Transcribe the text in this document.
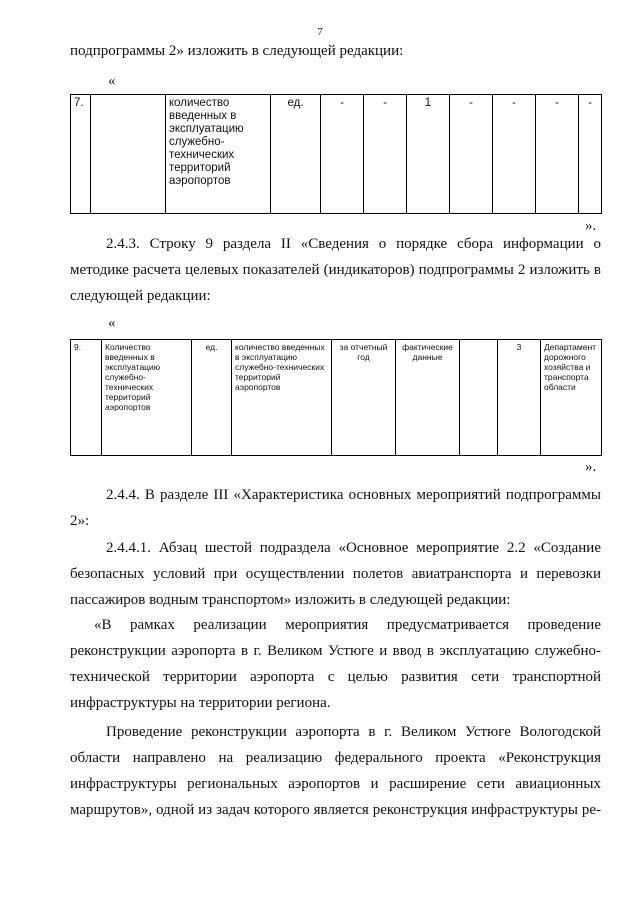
7
подпрограммы 2» изложить в следующей редакции:
«
7.		количество введенных в эксплуатацию служебно-технических территорий аэропортов	ед.	-	-	1	-	-	-	-
».
2.4.3. Строку 9 раздела II «Сведения о порядке сбора информации о методике расчета целевых показателей (индикаторов) подпрограммы 2 изложить в следующей редакции:
«
9.	Количество введенных в эксплуатацию служебно-технических территорий аэропортов	ед.	количество введенных в эксплуатацию служебно-технических территорий аэропортов	за отчетный год	фактические данные		3	Департамент дорожного хозяйства и транспорта области
».
2.4.4. В разделе III «Характеристика основных мероприятий подпрограммы 2»:
2.4.4.1. Абзац шестой подраздела «Основное мероприятие 2.2 «Создание безопасных условий при осуществлении полетов авиатранспорта и перевозки пассажиров водным транспортом» изложить в следующей редакции:
«В рамках реализации мероприятия предусматривается проведение реконструкции аэропорта в г. Великом Устюге и ввод в эксплуатацию служебно-технической территории аэропорта с целью развития сети транспортной инфраструктуры на территории региона.
Проведение реконструкции аэропорта в г. Великом Устюге Вологодской области направлено на реализацию федерального проекта «Реконструкция инфраструктуры региональных аэропортов и расширение сети авиационных маршрутов», одной из задач которого является реконструкция инфраструктуры ре-
